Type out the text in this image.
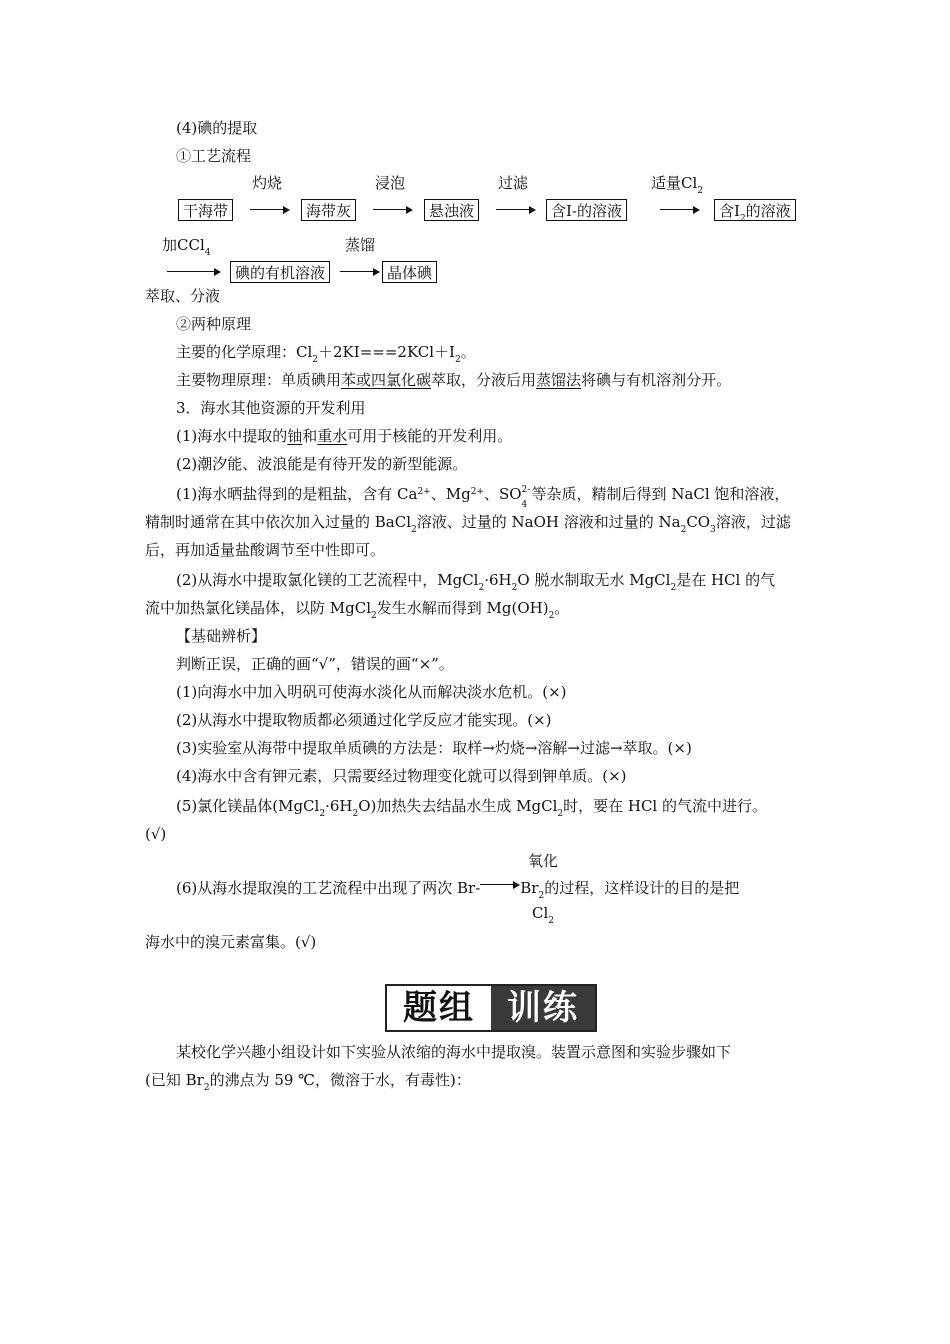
(4)碘的提取
①工艺流程
灼烧	浸泡	过滤	适量$Cl_2$
干海带	海带灰	悬浊液	含I-的溶液	含$I_2$的溶液
加CCl$_4$	蒸馏
碘的有机溶液	晶体碘
萃取、分液
②两种原理
主要的化学原理：$Cl_2+2KI===2KCl+I_2$。
主要物理原理：单质碘用苯或四氯化碳萃取，分液后用蒸馏法将碘与有机溶剂分开。
3．海水其他资源的开发利用
(1)海水中提取的铀和重水可用于核能的开发利用。
(2)潮汐能、波浪能是有待开发的新型能源。
(1)海水晒盐得到的是粗盐，含有 $Ca^{2+}$、$Mg^{2+}$、SO 2-
4
等杂质，精制后得到 NaCl 饱和溶液，
精制时通常在其中依次加入过量的 BaCl$_2$溶液、过量的 NaOH 溶液和过量的 $Na_2CO_3$溶液，过滤
后，再加适量盐酸调节至中性即可。
(2)从海水中提取氯化镁的工艺流程中，$MgCl_2\cdot 6H_2O$ 脱水制取无水 MgCl$_2$是在 HCl 的气
流中加热氯化镁晶体，以防 MgCl$_2$发生水解而得到 $Mg(OH)_2$。
【基础辨析】
判断正误，正确的画“√”，错误的画“×”。
(1)向海水中加入明矾可使海水淡化从而解决淡水危机。(×)
(2)从海水中提取物质都必须通过化学反应才能实现。(×)
(3)实验室从海带中提取单质碘的方法是：取样→灼烧→溶解→过滤→萃取。(×)
(4)海水中含有钾元素，只需要经过物理变化就可以得到钾单质。(×)
(5)氯化镁晶体$(MgCl_2\cdot 6H_2O)$加热失去结晶水生成 MgCl$_2$时，要在 HCl 的气流中进行。
(√)
氧化
(6)从海水提取溴的工艺流程中出现了两次 Br-	$Br_2$的过程，这样设计的目的是把
$Cl_2$
海水中的溴元素富集。(√)
题组 训练
某校化学兴趣小组设计如下实验从浓缩的海水中提取溴。装置示意图和实验步骤如下
(已知 $Br_2$的沸点为 59 ℃，微溶于水，有毒性)：
